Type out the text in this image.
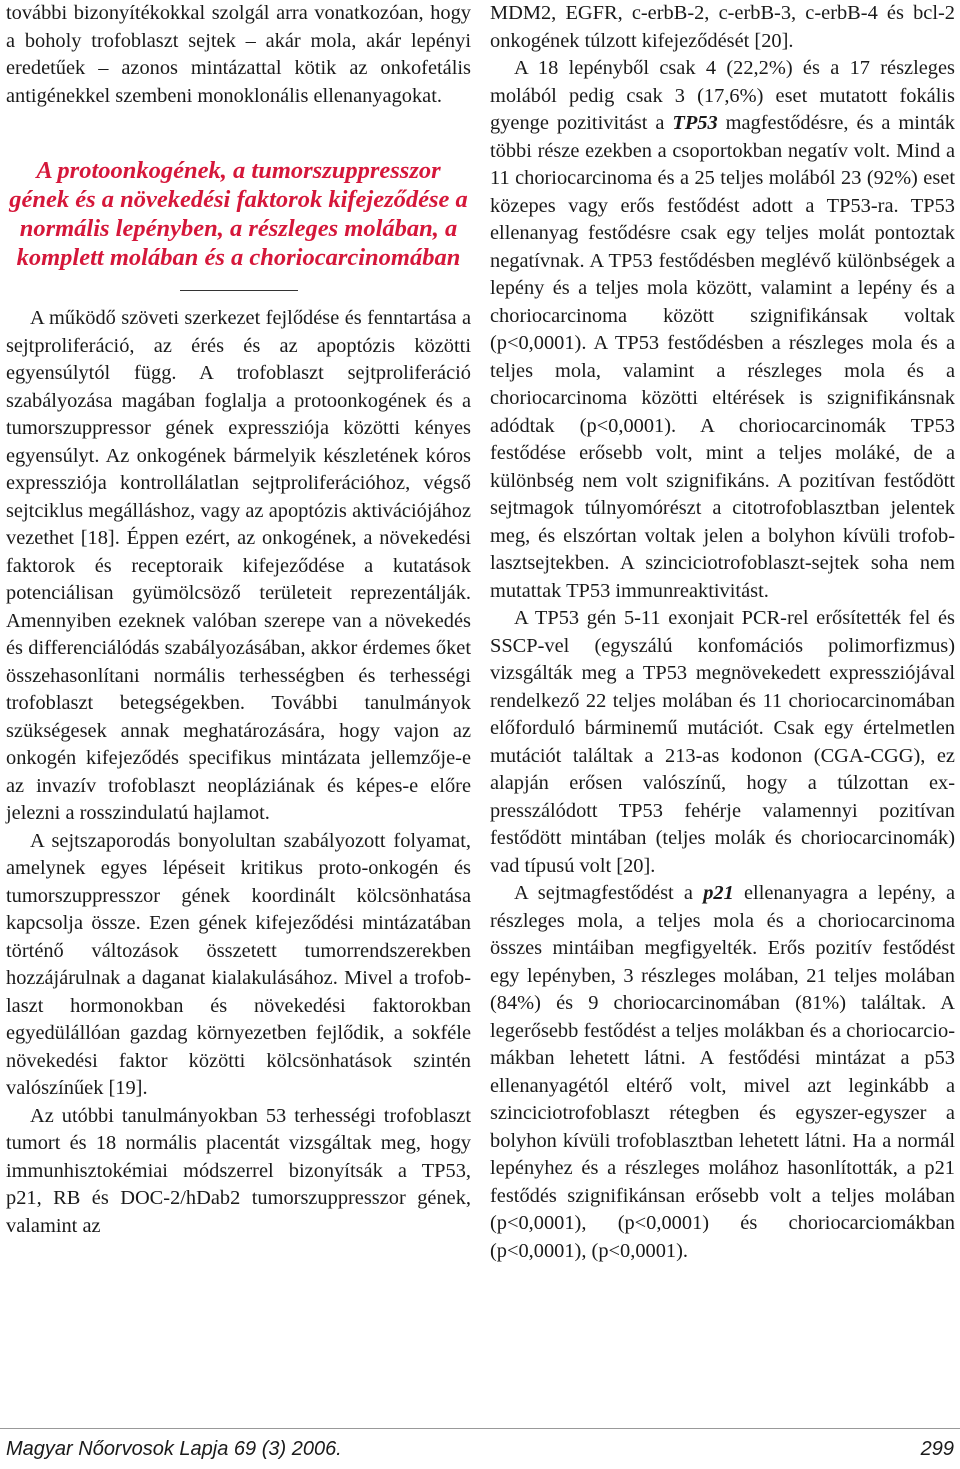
további bizonyítékokkal szolgál arra vonatkozóan, hogy a boholy trofoblaszt sejtek – akár mola, akár lepényi eredetűek – azonos mintázattal kötik az onkofetális antigénekkel szembeni monoklonális ellenanyagokat.

A protoonkogének, a tumorszuppresszor gének és a növekedési faktorok kifejeződése a normális lepényben, a részleges molában, a komplett molában és a choriocarcinomában

A működő szöveti szerkezet fejlődése és fenntartása a sejtproliferáció, az érés és az apoptózis közötti egyensúlytól függ. A trofoblaszt sejtproliferáció szabályozása magában foglalja a protoonkogének és a tumorszuppressor gének expressziója közötti kényes egyensúlyt. Az onkogének bármelyik készletének kóros expressziója kontrollálatlan sejtproliferációhoz, végső sejtciklus megálláshoz, vagy az apoptózis aktivációjához vezethet [18]. Éppen ezért, az onkogének, a növekedési faktorok és receptoraik kifejeződése a kutatások potenciálisan gyümölcsöző területeit reprezentálják. Amennyiben ezeknek valóban szerepe van a növekedés és differenciálódás szabályozásában, akkor érdemes őket összehasonlítani normális terhességben és terhességi trofoblaszt betegségekben. További tanulmányok szükségesek annak meghatározására, hogy vajon az onkogén kifejeződés specifikus mintázata jellemzője-e az invazív trofoblaszt neopláziának és képes-e előre jelezni a rosszindulatú hajlamot.

A sejtszaporodás bonyolultan szabályozott folyamat, amelynek egyes lépéseit kritikus proto-onkogén és tumorszuppresszor gének koordinált kölcsönhatása kapcsolja össze. Ezen gének kifejeződési mintázatában történő változások összetett tumorrendszerekben hozzájárulnak a daganat kialakulásához. Mivel a trofoblaszt hormonokban és növekedési faktorokban egyedülállóan gazdag környezetben fejlődik, a sokféle növekedési faktor közötti kölcsönhatások szintén valószínűek [19].

Az utóbbi tanulmányokban 53 terhességi trofoblaszt tumort és 18 normális placentát vizsgáltak meg, hogy immunhisztokémiai módszerrel bizonyítsák a TP53, p21, RB és DOC-2/hDab2 tumorszuppresszor gének, valamint az

MDM2, EGFR, c-erbB-2, c-erbB-3, c-erbB-4 és bcl-2 onkogének túlzott kifejeződését [20].

A 18 lepényből csak 4 (22,2%) és a 17 részleges molából pedig csak 3 (17,6%) eset mutatott fokális gyenge pozitivitást a TP53 magfestődésre, és a minták többi része ezekben a csoportokban negatív volt. Mind a 11 choriocarcinoma és a 25 teljes molából 23 (92%) eset közepes vagy erős festődést adott a TP53-ra. TP53 ellenanyag festődésre csak egy teljes molát pontoztak negatívnak. A TP53 festődésben meglévő különbségek a lepény és a teljes mola között, valamint a lepény és a choriocarcinoma között szignifikánsak voltak (p<0,0001). A TP53 festődésben a részleges mola és a teljes mola, valamint a részleges mola és a choriocarcinoma közötti eltérések is szignifikánsnak adódtak (p<0,0001). A choriocarcinomák TP53 festődése erősebb volt, mint a teljes moláké, de a különbség nem volt szignifikáns. A pozitívan festődött sejtmagok túlnyomórészt a citotrofoblasztban jelentek meg, és elszórtan voltak jelen a bolyhon kívüli trofoblasztsejtekben. A szinciciotrofoblaszt-sejtek soha nem mutattak TP53 immunreaktivitást.

A TP53 gén 5-11 exonjait PCR-rel erősítették fel és SSCP-vel (egyszálú konfomációs polimorfizmus) vizsgálták meg a TP53 megnövekedett expressziójával rendelkező 22 teljes molában és 11 choriocarcinomában előforduló bárminemű mutációt. Csak egy értelmetlen mutációt találtak a 213-as kodonon (CGA-CGG), ez alapján erősen valószínű, hogy a túlzottan expresszálódott TP53 fehérje valamennyi pozitívan festődött mintában (teljes molák és choriocarcinomák) vad típusú volt [20].

A sejtmagfestődést a p21 ellenanyagra a lepény, a részleges mola, a teljes mola és a choriocarcinoma összes mintáiban megfigyelték. Erős pozitív festődést egy lepényben, 3 részleges molában, 21 teljes molában (84%) és 9 choriocarcinomában (81%) találtak. A legerősebb festődést a teljes molákban és a choriocarciomákban lehetett látni. A festődési mintázat a p53 ellenanyagétól eltérő volt, mivel azt leginkább a szinciciotrofoblaszt rétegben és egyszer-egyszer a bolyhon kívüli trofoblasztban lehetett látni. Ha a normál lepényhez és a részleges molához hasonlították, a p21 festődés szignifikánsan erősebb volt a teljes molában (p<0,0001), (p<0,0001) és choriocarciomákban (p<0,0001), (p<0,0001).

Magyar Nőorvosok Lapja 69 (3) 2006.	299
